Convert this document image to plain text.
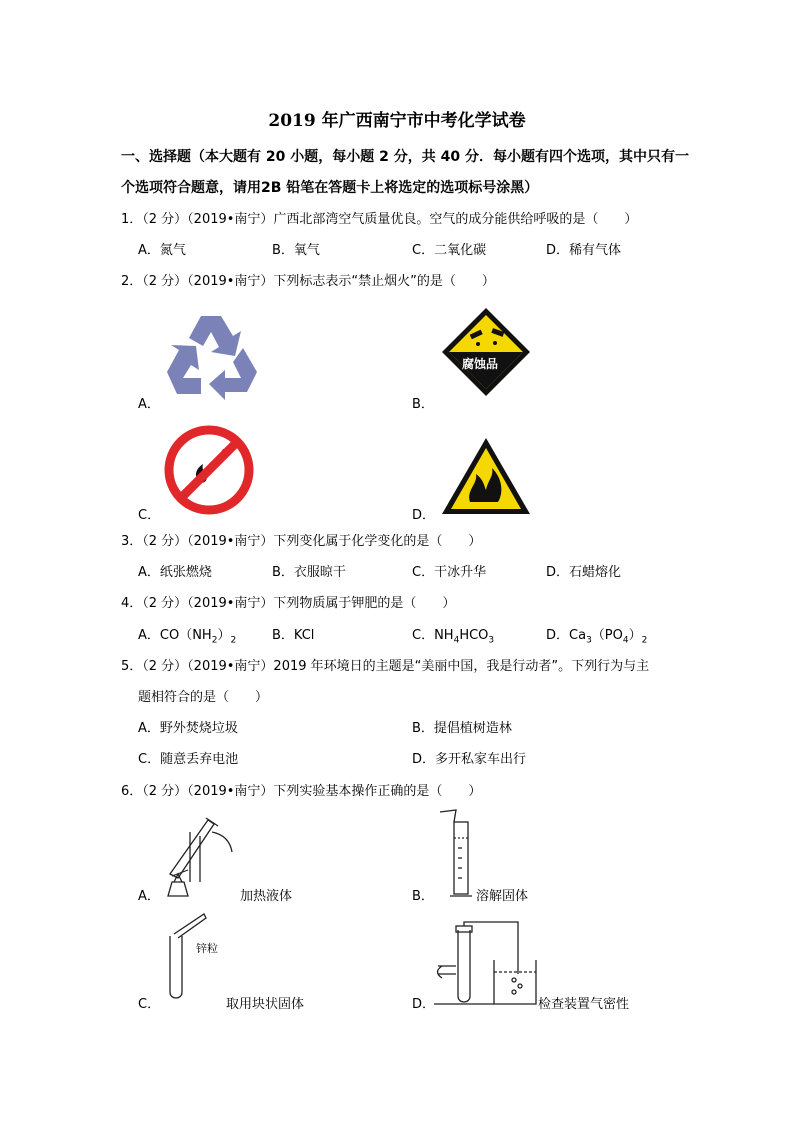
2019 年广西南宁市中考化学试卷
一、选择题（本大题有 20 小题，每小题 2 分，共 40 分．每小题有四个选项，其中只有一
个选项符合题意，请用2B 铅笔在答题卡上将选定的选项标号涂黑）
1．（2 分）（2019•南宁）广西北部湾空气质量优良。空气的成分能供给呼吸的是（　　）
A．氮气	B．氧气	C．二氧化碳	D．稀有气体
2．（2 分）（2019•南宁）下列标志表示“禁止烟火”的是（　　）
A．	B．
腐蚀品
C．	D．
3．（2 分）（2019•南宁）下列变化属于化学变化的是（　　）
A．纸张燃烧	B．衣服晾干	C．干冰升华	D．石蜡熔化
4．（2 分）（2019•南宁）下列物质属于钾肥的是（　　）
A．$CO(NH_2)_2$	B．KCl	C．$NH_4HCO_3$	D．$Ca_3(PO_4)_2$
5．（2 分）（2019•南宁）2019 年环境日的主题是“美丽中国，我是行动者”。下列行为与主
题相符合的是（　　）
A．野外焚烧垃圾	B．提倡植树造林
C．随意丢弃电池	D．多开私家车出行
6．（2 分）（2019•南宁）下列实验基本操作正确的是（　　）
A．	加热液体	B．	溶解固体
C．
锌粒
取用块状固体	D．	检查装置气密性
